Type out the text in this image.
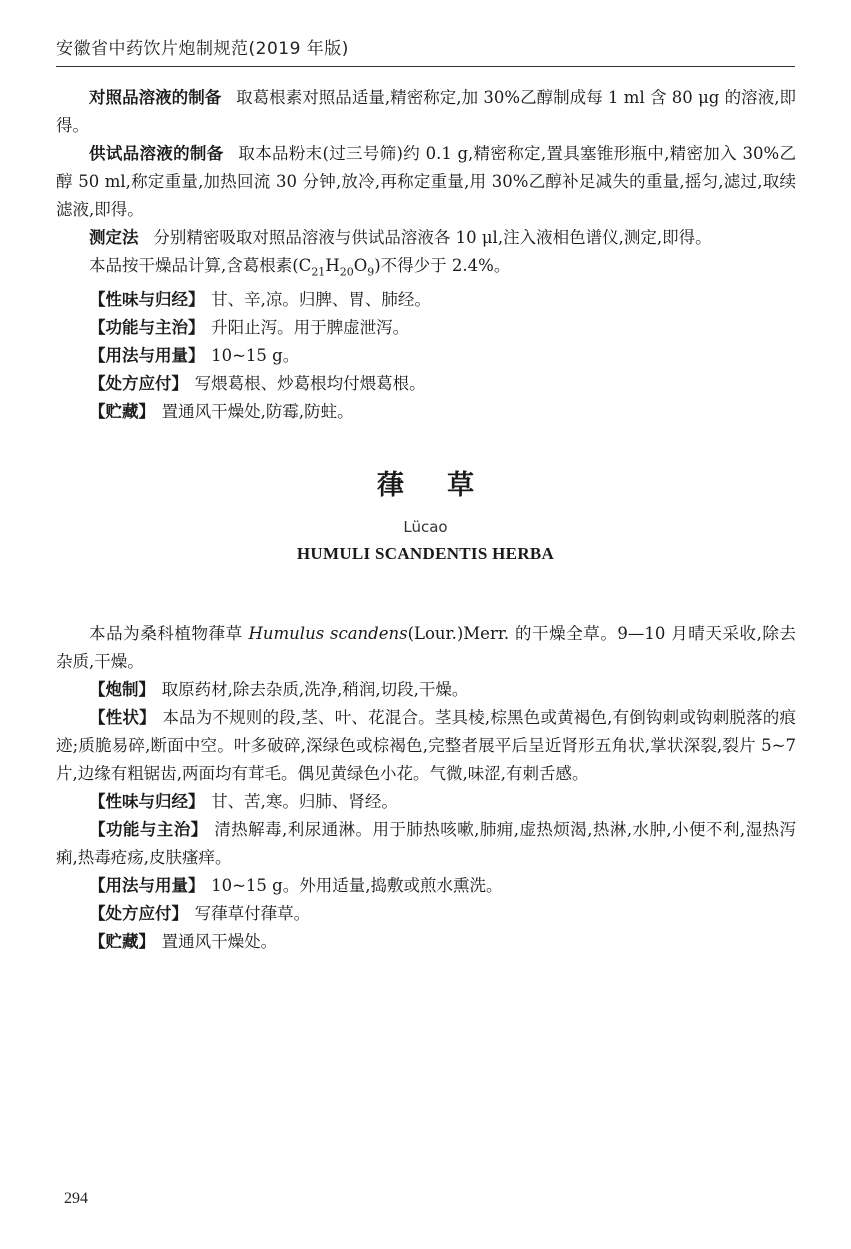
安徽省中药饮片炮制规范(2019 年版)

对照品溶液的制备 取葛根素对照品适量,精密称定,加 30%乙醇制成每 1 ml 含 80 μg 的溶液,即得。

供试品溶液的制备 取本品粉末(过三号筛)约 0.1 g,精密称定,置具塞锥形瓶中,精密加入 30%乙醇 50 ml,称定重量,加热回流 30 分钟,放冷,再称定重量,用 30%乙醇补足减失的重量,摇匀,滤过,取续滤液,即得。

测定法 分别精密吸取对照品溶液与供试品溶液各 10 μl,注入液相色谱仪,测定,即得。

本品按干燥品计算,含葛根素$(C_{21}H_{20}O_9)$不得少于 2.4%。

【性味与归经】 甘、辛,凉。归脾、胃、肺经。

【功能与主治】 升阳止泻。用于脾虚泄泻。

【用法与用量】 10~15 g。

【处方应付】 写煨葛根、炒葛根均付煨葛根。

【贮藏】 置通风干燥处,防霉,防蛀。

葎草
Lücao
HUMULI SCANDENTIS HERBA

本品为桑科植物葎草 Humulus scandens(Lour.)Merr. 的干燥全草。9—10 月晴天采收,除去杂质,干燥。

【炮制】 取原药材,除去杂质,洗净,稍润,切段,干燥。

【性状】 本品为不规则的段,茎、叶、花混合。茎具棱,棕黑色或黄褐色,有倒钩刺或钩刺脱落的痕迹;质脆易碎,断面中空。叶多破碎,深绿色或棕褐色,完整者展平后呈近肾形五角状,掌状深裂,裂片 5~7 片,边缘有粗锯齿,两面均有茸毛。偶见黄绿色小花。气微,味涩,有刺舌感。

【性味与归经】 甘、苦,寒。归肺、肾经。

【功能与主治】 清热解毒,利尿通淋。用于肺热咳嗽,肺痈,虚热烦渴,热淋,水肿,小便不利,湿热泻痢,热毒疮疡,皮肤瘙痒。

【用法与用量】 10~15 g。外用适量,捣敷或煎水熏洗。

【处方应付】 写葎草付葎草。

【贮藏】 置通风干燥处。

294
